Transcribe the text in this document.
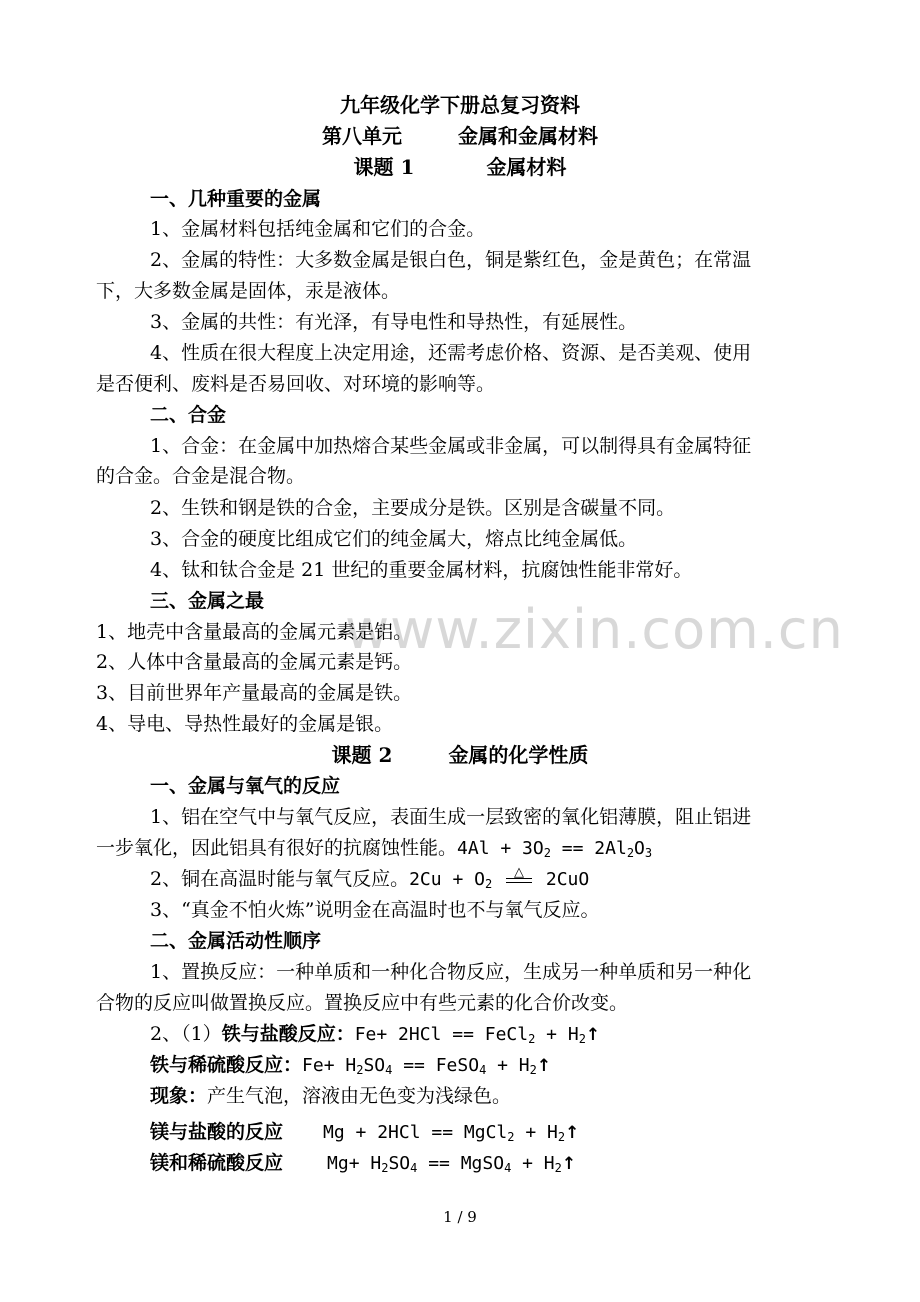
www.zixin.com.cn
九年级化学下册总复习资料
第八单元	金属和金属材料
课题 1	金属材料
一、几种重要的金属
1、金属材料包括纯金属和它们的合金。
2、金属的特性：大多数金属是银白色，铜是紫红色，金是黄色；在常温
下，大多数金属是固体，汞是液体。
3、金属的共性：有光泽，有导电性和导热性，有延展性。
4、性质在很大程度上决定用途，还需考虑价格、资源、是否美观、使用
是否便利、废料是否易回收、对环境的影响等。
二、合金
1、合金：在金属中加热熔合某些金属或非金属，可以制得具有金属特征
的合金。合金是混合物。
2、生铁和钢是铁的合金，主要成分是铁。区别是含碳量不同。
3、合金的硬度比组成它们的纯金属大，熔点比纯金属低。
4、钛和钛合金是 21 世纪的重要金属材料，抗腐蚀性能非常好。
三、金属之最
1、地壳中含量最高的金属元素是铝。
2、人体中含量最高的金属元素是钙。
3、目前世界年产量最高的金属是铁。
4、导电、导热性最好的金属是银。
课题 2	金属的化学性质
一、金属与氧气的反应
1、铝在空气中与氧气反应，表面生成一层致密的氧化铝薄膜，阻止铝进
一步氧化，因此铝具有很好的抗腐蚀性能。$4Al + 3O_2 == 2Al_2O_3$
2、铜在高温时能与氧气反应。$2Cu + O_2$
△	2CuO
3、“真金不怕火炼”说明金在高温时也不与氧气反应。
二、金属活动性顺序
1、置换反应：一种单质和一种化合物反应，生成另一种单质和另一种化
合物的反应叫做置换反应。置换反应中有些元素的化合价改变。
2、（1）铁与盐酸反应：Fe+ 2HCl == FeCl$_2$ + $H_2↑$
铁与稀硫酸反应：$Fe+ H_2SO_4$ == FeSO$_4$ + $H_2↑$
现象：产生气泡，溶液由无色变为浅绿色。
镁与盐酸的反应 Mg + 2HCl == MgCl$_2$ + $H_2↑$
镁和稀硫酸反应 $Mg+ H_2SO_4$ == MgSO$_4$ + $H_2↑$
1 / 9
